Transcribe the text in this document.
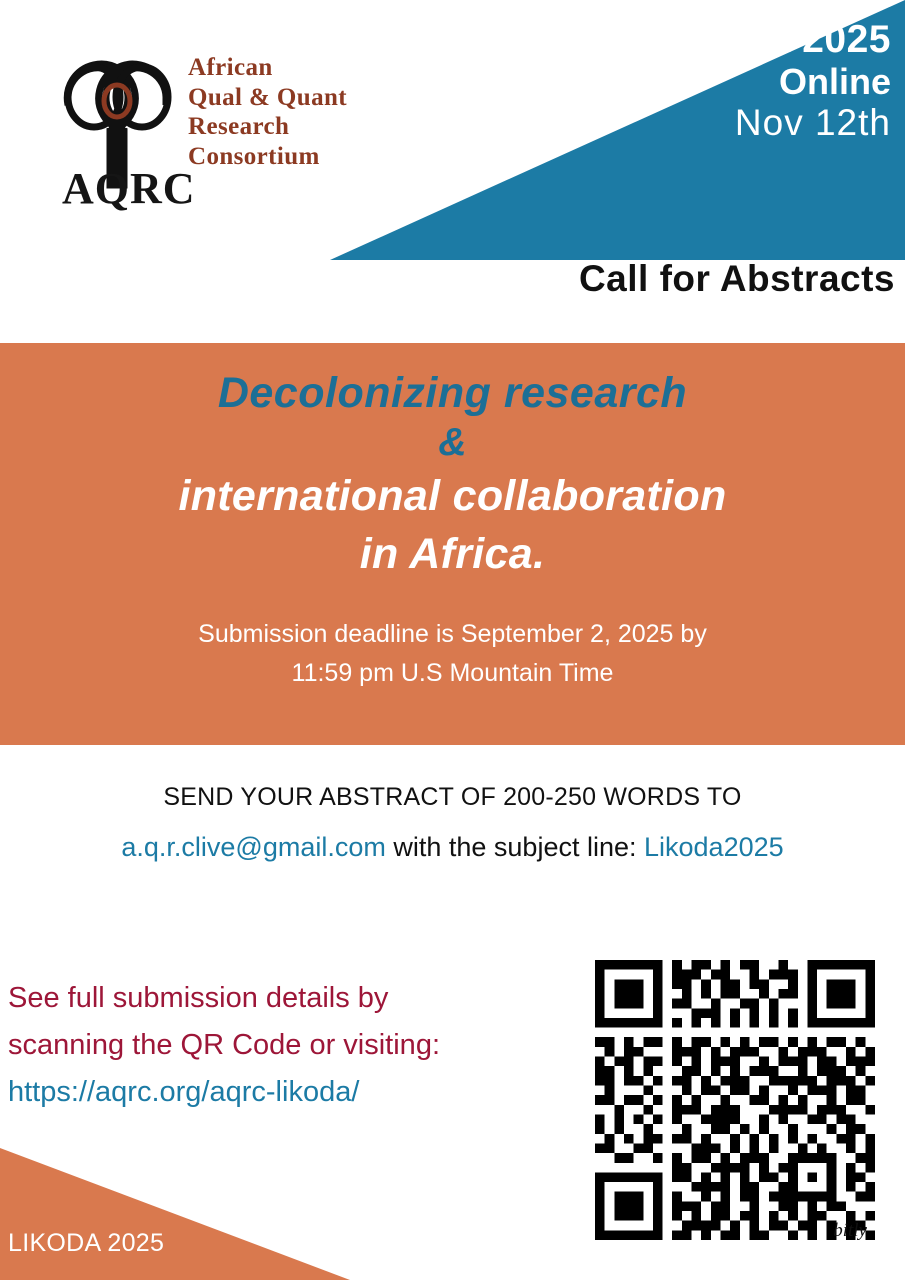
LIKODA 2025
Online
Nov 12th
AQRC
African
Qual & Quant
Research
Consortium
Call for Abstracts
Decolonizing research
&
international collaboration
in Africa.
Submission deadline is September 2, 2025 by
11:59 pm U.S Mountain Time
SEND YOUR ABSTRACT OF 200-250 WORDS TO
a.q.r.clive@gmail.com with the subject line: Likoda2025
See full submission details by
scanning the QR Code or visiting:
https://aqrc.org/aqrc-likoda/
bitly
LIKODA 2025
